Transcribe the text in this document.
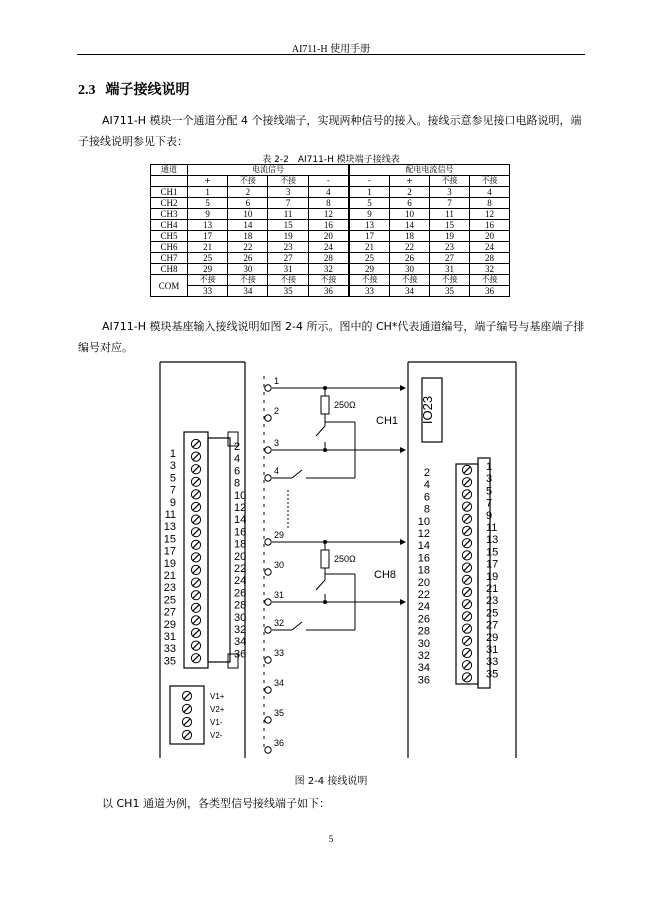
AI711-H 使用手册
2.3 端子接线说明
AI711-H 模块一个通道分配 4 个接线端子，实现两种信号的接入。接线示意参见接口电路说明，端子接线说明参见下表：
表 2-2　AI711-H 模块端子接线表
通道	电流信号				配电电流信号			
	+	不接	不接	-	-	+	不接	不接
CH1	1	2	3	4	1	2	3	4
CH2	5	6	7	8	5	6	7	8
CH3	9	10	11	12	9	10	11	12
CH4	13	14	15	16	13	14	15	16
CH5	17	18	19	20	17	18	19	20
CH6	21	22	23	24	21	22	23	24
CH7	25	26	27	28	25	26	27	28
CH8	29	30	31	32	29	30	31	32
COM	不接	不接	不接	不接	不接	不接	不接	不接
	33	34	35	36	33	34	35	36
AI711-H 模块基座输入接线说明如图 2-4 所示。图中的 CH*代表通道编号，端子编号与基座端子排编号对应。
1
3
5
7
9
11
13
15
17
19
21
23
25
27
29
31
33
35
2
4
6
8
10
12
14
16
18
20
22
24
26
28
30
32
34
36
V1+
V2+
V1-
V2-
IO23
2
4
6
8
10
12
14
16
18
20
22
24
26
28
30
32
34
36
1
3
5
7
9
11
13
15
17
19
21
23
25
27
29
31
33
35
1
2
3
4
29
30
31
32
33
34
35
36
250Ω
250Ω
CH1
CH8
图 2-4 接线说明
以 CH1 通道为例，各类型信号接线端子如下：
5
